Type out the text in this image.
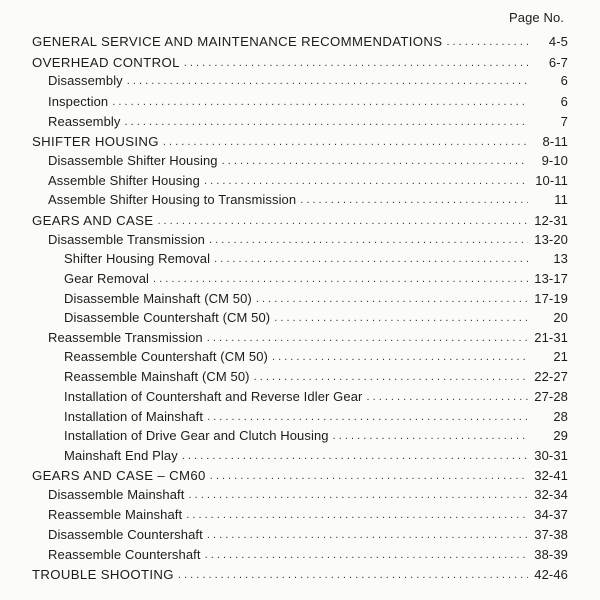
Page No.
GENERAL SERVICE AND MAINTENANCE RECOMMENDATIONS . . .	4-5
OVERHEAD CONTROL . . .	6-7
Disassembly . . .	6
Inspection . . .	6
Reassembly . . .	7
SHIFTER HOUSING . . .	8-11
Disassemble Shifter Housing . . .	9-10
Assemble Shifter Housing . . .	10-11
Assemble Shifter Housing to Transmission . . .	11
GEARS AND CASE . . .	12-31
Disassemble Transmission . . .	13-20
Shifter Housing Removal . . .	13
Gear Removal . . .	13-17
Disassemble Mainshaft (CM 50) . . .	17-19
Disassemble Countershaft (CM 50) . . .	20
Reassemble Transmission . . .	21-31
Reassemble Countershaft (CM 50) . . .	21
Reassemble Mainshaft (CM 50) . . .	22-27
Installation of Countershaft and Reverse Idler Gear . . .	27-28
Installation of Mainshaft . . .	28
Installation of Drive Gear and Clutch Housing . . .	29
Mainshaft End Play . . .	30-31
GEARS AND CASE – CM60 . . .	32-41
Disassemble Mainshaft . . .	32-34
Reassemble Mainshaft . . .	34-37
Disassemble Countershaft . . .	37-38
Reassemble Countershaft . . .	38-39
TROUBLE SHOOTING . . .	42-46
